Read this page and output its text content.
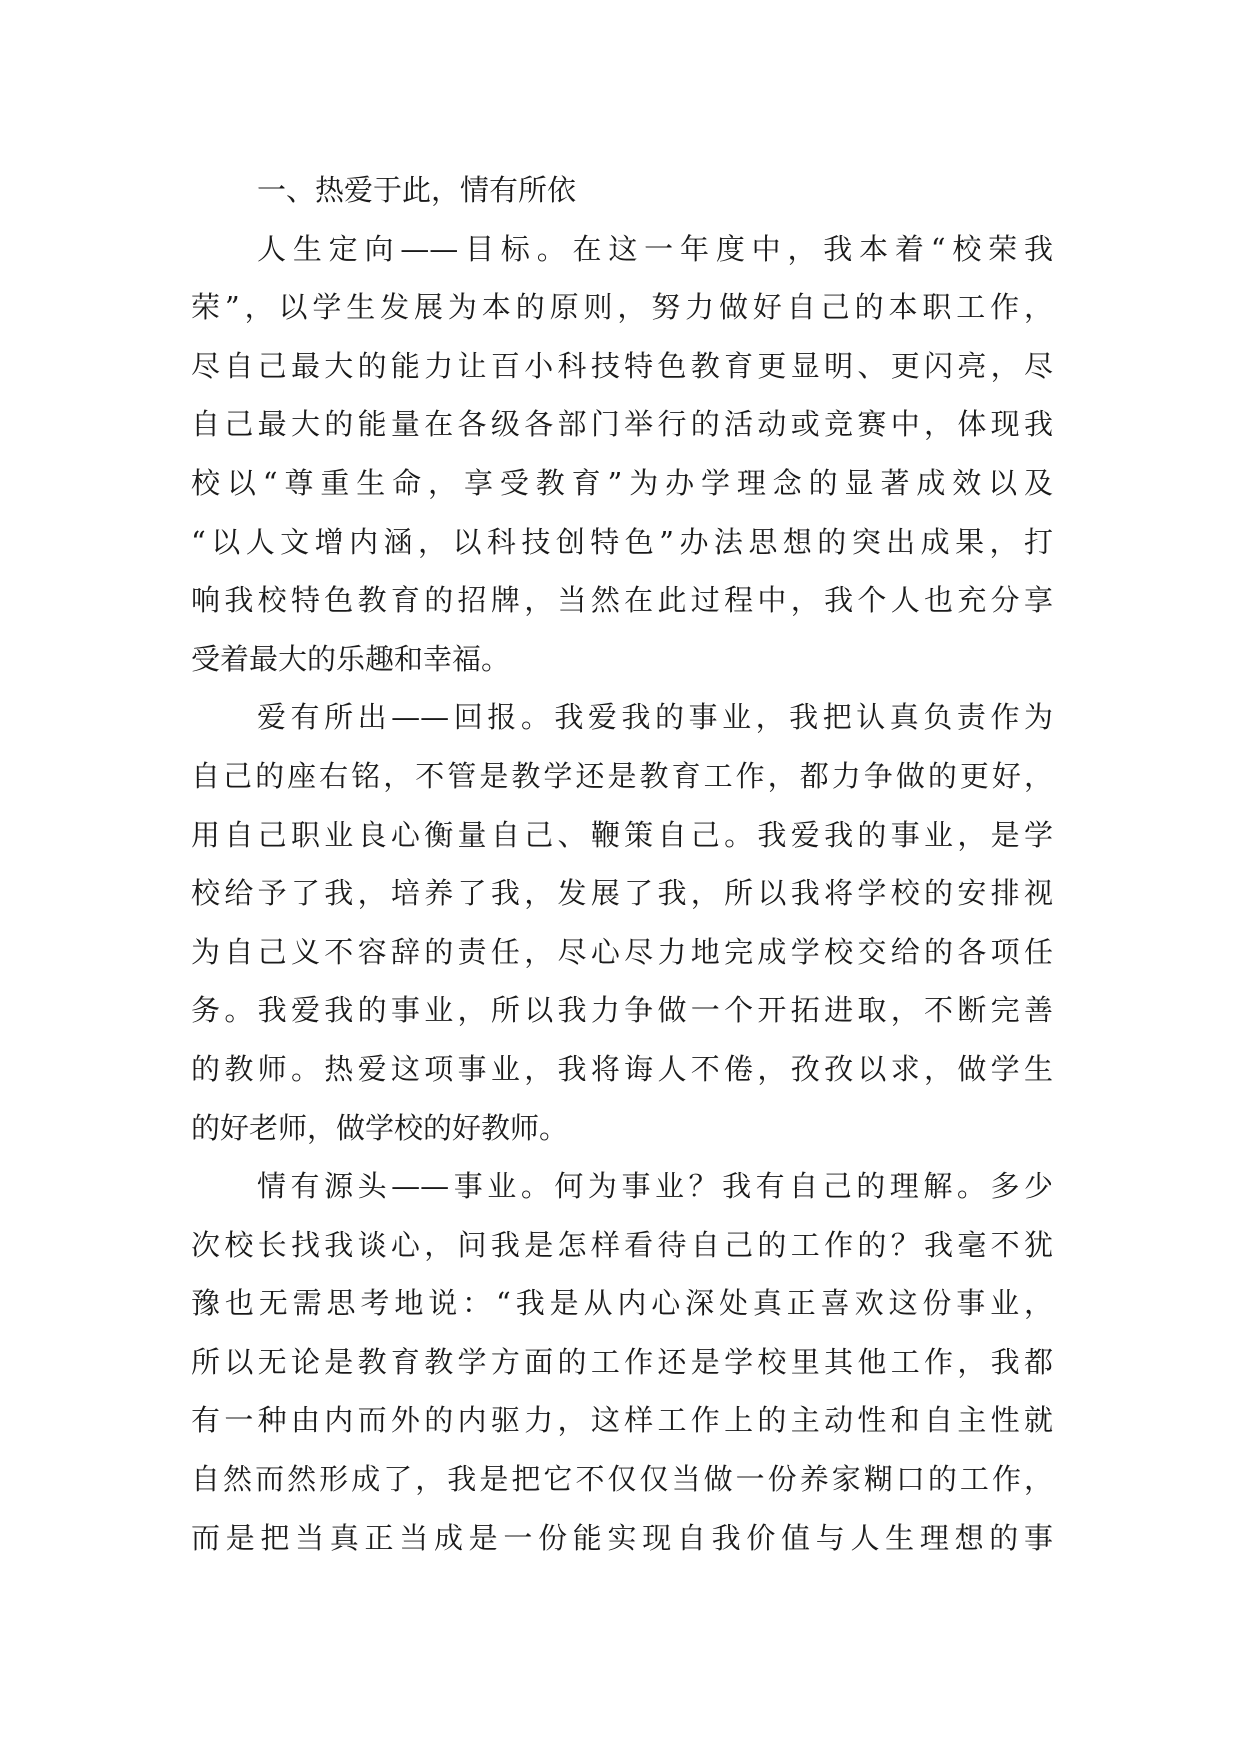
一、热爱于此，情有所依
人生定向——目标。在这一年度中，我本着“校荣我
荣”，以学生发展为本的原则，努力做好自己的本职工作，
尽自己最大的能力让百小科技特色教育更显明、更闪亮，尽
自己最大的能量在各级各部门举行的活动或竞赛中，体现我
校以“尊重生命，享受教育”为办学理念的显著成效以及
“以人文增内涵，以科技创特色”办法思想的突出成果，打
响我校特色教育的招牌，当然在此过程中，我个人也充分享
受着最大的乐趣和幸福。
爱有所出——回报。我爱我的事业，我把认真负责作为
自己的座右铭，不管是教学还是教育工作，都力争做的更好，
用自己职业良心衡量自己、鞭策自己。我爱我的事业，是学
校给予了我，培养了我，发展了我，所以我将学校的安排视
为自己义不容辞的责任，尽心尽力地完成学校交给的各项任
务。我爱我的事业，所以我力争做一个开拓进取，不断完善
的教师。热爱这项事业，我将诲人不倦，孜孜以求，做学生
的好老师，做学校的好教师。
情有源头——事业。何为事业？我有自己的理解。多少
次校长找我谈心，问我是怎样看待自己的工作的？我毫不犹
豫也无需思考地说：“我是从内心深处真正喜欢这份事业，
所以无论是教育教学方面的工作还是学校里其他工作，我都
有一种由内而外的内驱力，这样工作上的主动性和自主性就
自然而然形成了，我是把它不仅仅当做一份养家糊口的工作，
而是把当真正当成是一份能实现自我价值与人生理想的事
